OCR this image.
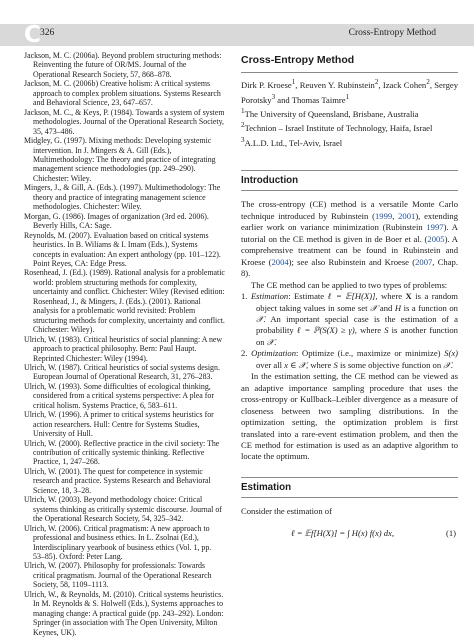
C 326	Cross-Entropy Method

Jackson, M. C. (2006a). Beyond problem structuring methods: Reinventing the future of OR/MS. Journal of the Operational Research Society, 57, 868–878.

Jackson, M. C. (2006b) Creative holism: A critical systems approach to complex problem situations. Systems Research and Behavioral Science, 23, 647–657.

Jackson, M. C., & Keys, P. (1984). Towards a system of system methodologies. Journal of the Operational Research Society, 35, 473–486.

Midgley, G. (1997). Mixing methods: Developing systemic intervention. In J. Mingers & A. Gill (Eds.), Multimethodology: The theory and practice of integrating management science methodologies (pp. 249–290). Chichester: Wiley.

Mingers, J., & Gill, A. (Eds.). (1997). Multimethodology: The theory and practice of integrating management science methodologies. Chichester: Wiley.

Morgan, G. (1986). Images of organization (3rd ed. 2006). Beverly Hills, CA: Sage.

Reynolds, M. (2007). Evaluation based on critical systems heuristics. In B. Wiliams & I. Imam (Eds.), Systems concepts in evaluation: An expert anthology (pp. 101–122). Point Reyes, CA: Edge Press.

Rosenhead, J. (Ed.). (1989). Rational analysis for a problematic world: problem structuring methods for complexity, uncertainty and conflict. Chichester: Wiley (Revised edition: Rosenhead, J., & Mingers, J. (Eds.). (2001). Rational analysis for a problematic world revisited: Problem structuring methods for complexity, uncertainty and conflict. Chichester: Wiley).

Ulrich, W. (1983). Critical heuristics of social planning: A new approach to practical philosophy. Bern: Paul Haupt. Reprinted Chichester: Wiley (1994).

Ulrich, W. (1987). Critical heuristics of social systems design. European Journal of Operational Research, 31, 276–283.

Ulrich, W. (1993). Some difficulties of ecological thinking, considered from a critical systems perspective: A plea for critical holism. Systems Practice, 6, 583–611.

Ulrich, W. (1996). A primer to critical systems heuristics for action researchers. Hull: Centre for Systems Studies, University of Hull.

Ulrich, W. (2000). Reflective practice in the civil society: The contribution of critically systemic thinking. Reflective Practice, 1, 247–268.

Ulrich, W. (2001). The quest for competence in systemic research and practice. Systems Research and Behavioral Science, 18, 3–28.

Ulrich, W. (2003). Beyond methodology choice: Critical systems thinking as critically systemic discourse. Journal of the Operational Research Society, 54, 325–342.

Ulrich, W. (2006). Critical pragmatism: A new approach to professional and business ethics. In L. Zsolnai (Ed.), Interdisciplinary yearbook of business ethics (Vol. 1, pp. 53–85). Oxford: Peter Lang.

Ulrich, W. (2007). Philosophy for professionals: Towards critical pragmatism. Journal of the Operational Research Society, 58, 1109–1113.

Ulrich, W., & Reynolds, M. (2010). Critical systems heuristics. In M. Reynolds & S. Holwell (Eds.), Systems approaches to managing change: A practical guide (pp. 243–292). London: Springer (in association with The Open University, Milton Keynes, UK).

Cross-Entropy Method

Dirk P. Kroese$^1$, Reuven Y. Rubinstein$^2$, Izack Cohen$^2$, Sergey Porotsky$^3$ and Thomas Taimre$^1$

$^1$The University of Queensland, Brisbane, Australia

$^2$Technion – Israel Institute of Technology, Haifa, Israel

$^3$A.L.D. Ltd., Tel-Aviv, Israel

Introduction

The cross-entropy (CE) method is a versatile Monte Carlo technique introduced by Rubinstein (1999, 2001), extending earlier work on variance minimization (Rubinstein 1997). A tutorial on the CE method is given in de Boer et al. (2005). A comprehensive treatment can be found in Rubinstein and Kroese (2004); see also Rubinstein and Kroese (2007, Chap. 8).

The CE method can be applied to two types of problems:

1. Estimation: Estimate ℓ = 𝔼[H(X)], where X is a random object taking values in some set 𝒳 and H is a function on 𝒳. An important special case is the estimation of a probability ℓ = ℙ(S(X) ≥ γ), where S is another function on 𝒳.
2. Optimization: Optimize (i.e., maximize or minimize) S(x) over all x ∈ 𝒳, where S is some objective function on 𝒳.

In the estimation setting, the CE method can be viewed as an adaptive importance sampling procedure that uses the cross-entropy or Kullback–Leibler divergence as a measure of closeness between two sampling distributions. In the optimization setting, the optimization problem is first translated into a rare-event estimation problem, and then the CE method for estimation is used as an adaptive algorithm to locate the optimum.

Estimation

Consider the estimation of

ℓ = 𝔼f[H(X)] = ∫ H(x) f(x) dx,	(1)
